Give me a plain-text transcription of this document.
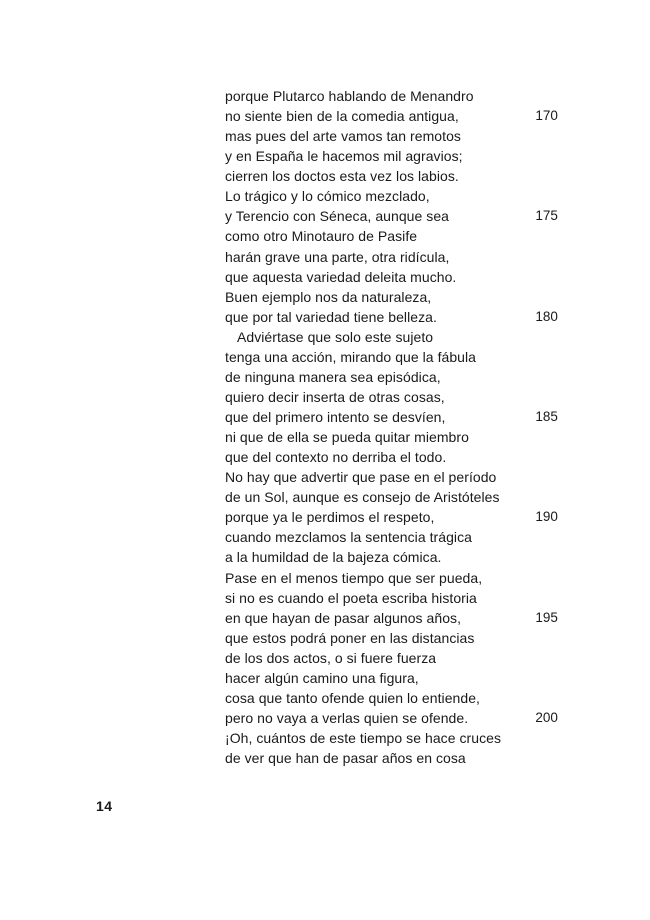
porque Plutarco hablando de Menandro
no siente bien de la comedia antigua,	170
mas pues del arte vamos tan remotos
y en España le hacemos mil agravios;
cierren los doctos esta vez los labios.
Lo trágico y lo cómico mezclado,
y Terencio con Séneca, aunque sea	175
como otro Minotauro de Pasife
harán grave una parte, otra ridícula,
que aquesta variedad deleita mucho.
Buen ejemplo nos da naturaleza,
que por tal variedad tiene belleza.	180
Adviértase que solo este sujeto
tenga una acción, mirando que la fábula
de ninguna manera sea episódica,
quiero decir inserta de otras cosas,
que del primero intento se desvíen,	185
ni que de ella se pueda quitar miembro
que del contexto no derriba el todo.
No hay que advertir que pase en el período
de un Sol, aunque es consejo de Aristóteles
porque ya le perdimos el respeto,	190
cuando mezclamos la sentencia trágica
a la humildad de la bajeza cómica.
Pase en el menos tiempo que ser pueda,
si no es cuando el poeta escriba historia
en que hayan de pasar algunos años,	195
que estos podrá poner en las distancias
de los dos actos, o si fuere fuerza
hacer algún camino una figura,
cosa que tanto ofende quien lo entiende,
pero no vaya a verlas quien se ofende.	200
¡Oh, cuántos de este tiempo se hace cruces
de ver que han de pasar años en cosa
14
